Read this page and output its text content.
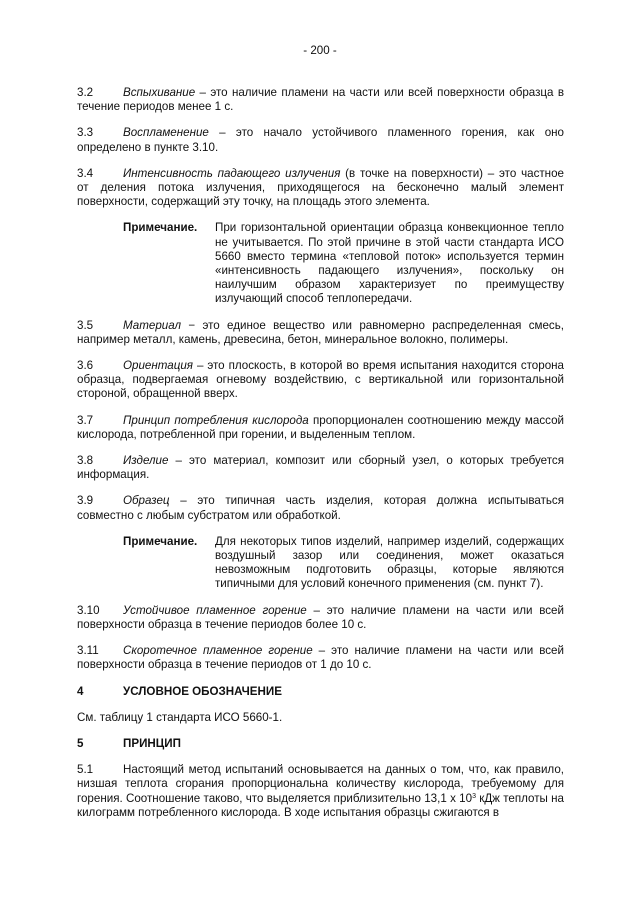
- 200 -

3.2	Вспыхивание – это наличие пламени на части или всей поверхности образца в течение периодов менее 1 с.

3.3	Воспламенение – это начало устойчивого пламенного горения, как оно определено в пункте 3.10.

3.4	Интенсивность падающего излучения (в точке на поверхности) – это частное от деления потока излучения, приходящегося на бесконечно малый элемент поверхности, содержащий эту точку, на площадь этого элемента.

Примечание.	При горизонтальной ориентации образца конвекционное тепло не учитывается. По этой причине в этой части стандарта ИСО 5660 вместо термина «тепловой поток» используется термин «интенсивность падающего излучения», поскольку он наилучшим образом характеризует по преимуществу излучающий способ теплопередачи.

3.5	Материал − это единое вещество или равномерно распределенная смесь, например металл, камень, древесина, бетон, минеральное волокно, полимеры.

3.6	Ориентация – это плоскость, в которой во время испытания находится сторона образца, подвергаемая огневому воздействию, с вертикальной или горизонтальной стороной, обращенной вверх.

3.7	Принцип потребления кислорода пропорционален соотношению между массой кислорода, потребленной при горении, и выделенным теплом.

3.8	Изделие – это материал, композит или сборный узел, о которых требуется информация.

3.9	Образец – это типичная часть изделия, которая должна испытываться совместно с любым субстратом или обработкой.

Примечание.	Для некоторых типов изделий, например изделий, содержащих воздушный зазор или соединения, может оказаться невозможным подготовить образцы, которые являются типичными для условий конечного применения (см. пункт 7).

3.10 Устойчивое пламенное горение – это наличие пламени на части или всей поверхности образца в течение периодов более 10 с.

3.11 Скоротечное пламенное горение – это наличие пламени на части или всей поверхности образца в течение периодов от 1 до 10 с.

4	УСЛОВНОЕ ОБОЗНАЧЕНИЕ

См. таблицу 1 стандарта ИСО 5660-1.

5	ПРИНЦИП

5.1	Настоящий метод испытаний основывается на данных о том, что, как правило, низшая теплота сгорания пропорциональна количеству кислорода, требуемому для горения. Соотношение таково, что выделяется приблизительно 13,1 х $10^3$ кДж теплоты на килограмм потребленного кислорода. В ходе испытания образцы сжигаются в
